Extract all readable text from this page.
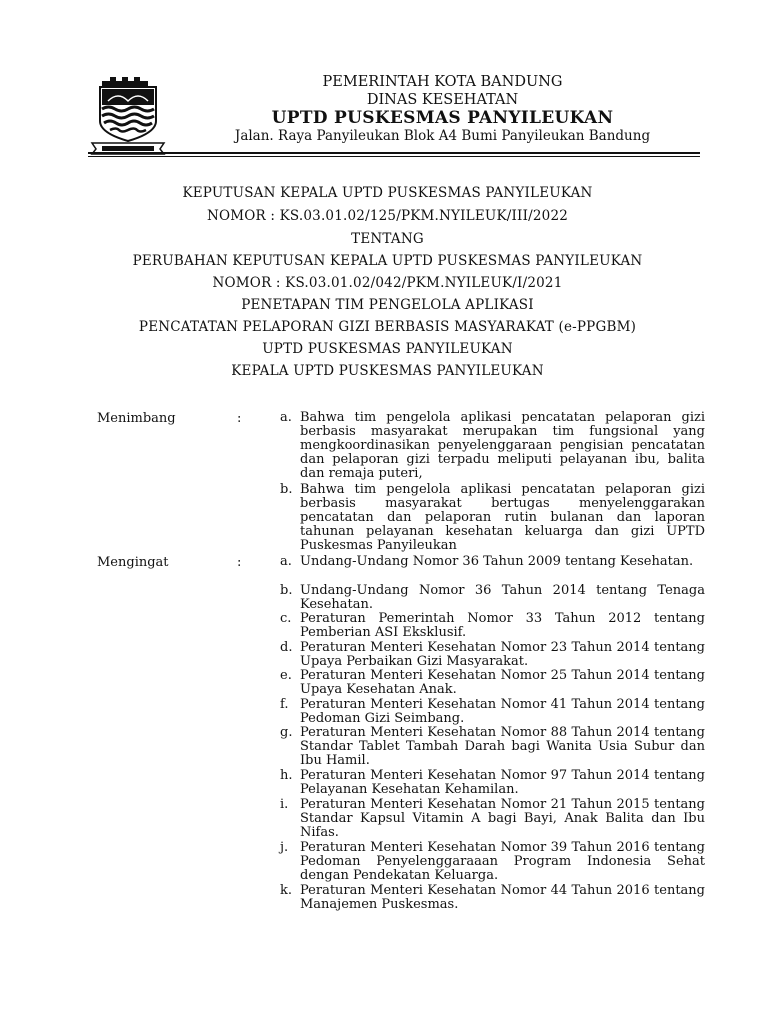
PEMERINTAH KOTA BANDUNG
DINAS KESEHATAN
UPTD PUSKESMAS PANYILEUKAN
Jalan. Raya Panyileukan Blok A4 Bumi Panyileukan Bandung
KEPUTUSAN KEPALA UPTD PUSKESMAS PANYILEUKAN
NOMOR : KS.03.01.02/125/PKM.NYILEUK/III/2022
TENTANG
PERUBAHAN KEPUTUSAN KEPALA UPTD PUSKESMAS PANYILEUKAN
NOMOR : KS.03.01.02/042/PKM.NYILEUK/I/2021
PENETAPAN TIM PENGELOLA APLIKASI
PENCATATAN PELAPORAN GIZI BERBASIS MASYARAKAT (e-PPGBM)
UPTD PUSKESMAS PANYILEUKAN
KEPALA UPTD PUSKESMAS PANYILEUKAN
Menimbang	:	a. Bahwa tim pengelola aplikasi pencatatan pelaporan gizi berbasis masyarakat merupakan tim fungsional yang mengkoordinasikan penyelenggaraan pengisian pencatatan dan pelaporan gizi terpadu meliputi pelayanan ibu, balita dan remaja puteri,
b. Bahwa tim pengelola aplikasi pencatatan pelaporan gizi berbasis masyarakat bertugas menyelenggarakan pencatatan dan pelaporan rutin bulanan dan laporan tahunan pelayanan kesehatan keluarga dan gizi UPTD Puskesmas Panyileukan
Mengingat	:	a. Undang-Undang Nomor 36 Tahun 2009 tentang Kesehatan.
b. Undang-Undang Nomor 36 Tahun 2014 tentang Tenaga Kesehatan.
c. Peraturan Pemerintah Nomor 33 Tahun 2012 tentang Pemberian ASI Eksklusif.
d. Peraturan Menteri Kesehatan Nomor 23 Tahun 2014 tentang Upaya Perbaikan Gizi Masyarakat.
e. Peraturan Menteri Kesehatan Nomor 25 Tahun 2014 tentang Upaya Kesehatan Anak.
f. Peraturan Menteri Kesehatan Nomor 41 Tahun 2014 tentang Pedoman Gizi Seimbang.
g. Peraturan Menteri Kesehatan Nomor 88 Tahun 2014 tentang Standar Tablet Tambah Darah bagi Wanita Usia Subur dan Ibu Hamil.
h. Peraturan Menteri Kesehatan Nomor 97 Tahun 2014 tentang Pelayanan Kesehatan Kehamilan.
i. Peraturan Menteri Kesehatan Nomor 21 Tahun 2015 tentang Standar Kapsul Vitamin A bagi Bayi, Anak Balita dan Ibu Nifas.
j. Peraturan Menteri Kesehatan Nomor 39 Tahun 2016 tentang Pedoman Penyelenggaraaan Program Indonesia Sehat dengan Pendekatan Keluarga.
k. Peraturan Menteri Kesehatan Nomor 44 Tahun 2016 tentang Manajemen Puskesmas.
